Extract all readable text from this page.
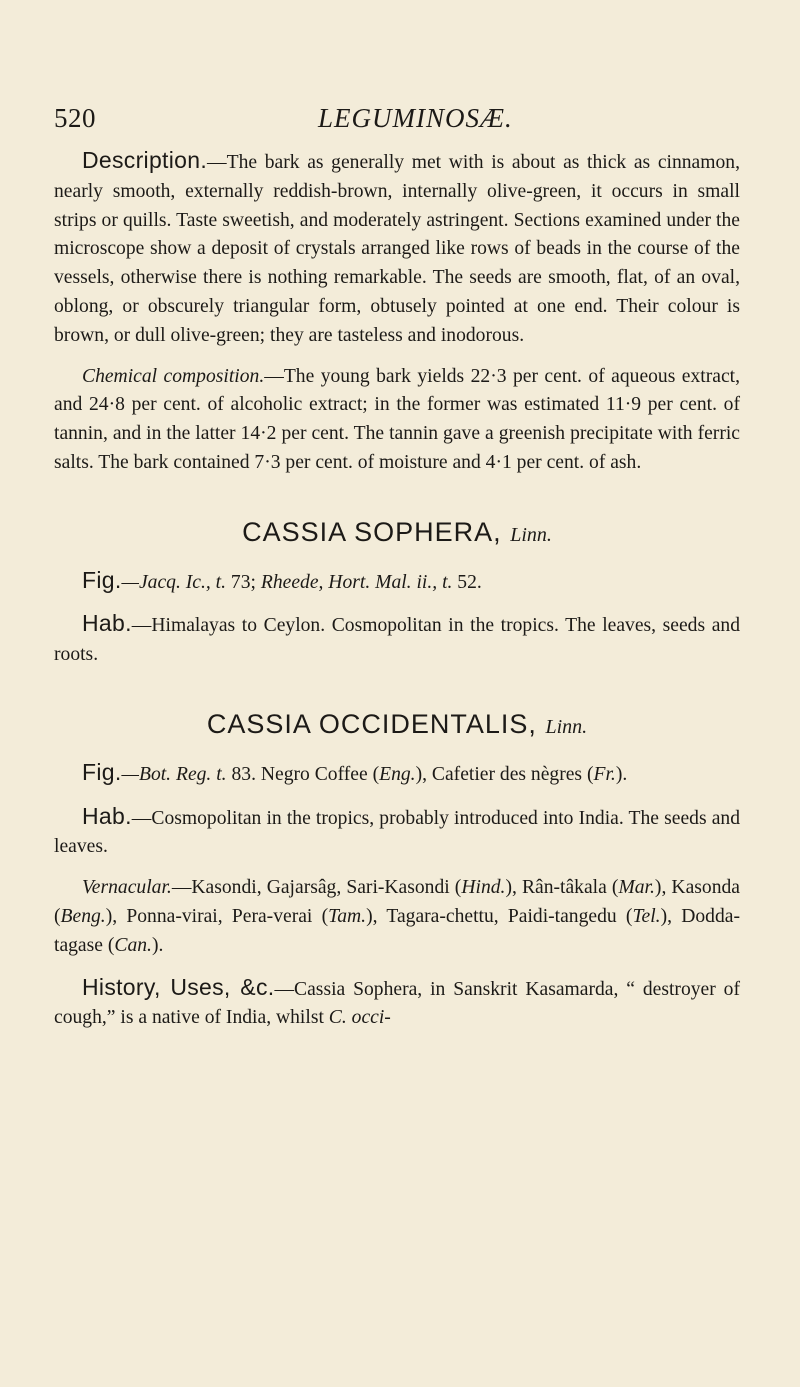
520	LEGUMINOSÆ.

Description.—The bark as generally met with is about as thick as cinnamon, nearly smooth, externally reddish-brown, internally olive-green, it occurs in small strips or quills. Taste sweetish, and moderately astringent. Sections examined under the microscope show a deposit of crystals arranged like rows of beads in the course of the vessels, otherwise there is nothing remarkable. The seeds are smooth, flat, of an oval, oblong, or obscurely triangular form, obtusely pointed at one end. Their colour is brown, or dull olive-green; they are tasteless and inodorous.

Chemical composition.—The young bark yields 22·3 per cent. of aqueous extract, and 24·8 per cent. of alcoholic extract; in the former was estimated 11·9 per cent. of tannin, and in the latter 14·2 per cent. The tannin gave a greenish precipitate with ferric salts. The bark contained 7·3 per cent. of moisture and 4·1 per cent. of ash.

CASSIA SOPHERA, Linn.

Fig.—Jacq. Ic., t. 73; Rheede, Hort. Mal. ii., t. 52.

Hab.—Himalayas to Ceylon. Cosmopolitan in the tropics. The leaves, seeds and roots.

CASSIA OCCIDENTALIS, Linn.

Fig.—Bot. Reg. t. 83. Negro Coffee (Eng.), Cafetier des nègres (Fr.).

Hab.—Cosmopolitan in the tropics, probably introduced into India. The seeds and leaves.

Vernacular.—Kasondi, Gajarsâg, Sari-Kasondi (Hind.), Rân-tâkala (Mar.), Kasonda (Beng.), Ponna-virai, Pera-verai (Tam.), Tagara-chettu, Paidi-tangedu (Tel.), Dodda-tagase (Can.).

History, Uses, &c.—Cassia Sophera, in Sanskrit Kasamarda, “ destroyer of cough,” is a native of India, whilst C. occi-
